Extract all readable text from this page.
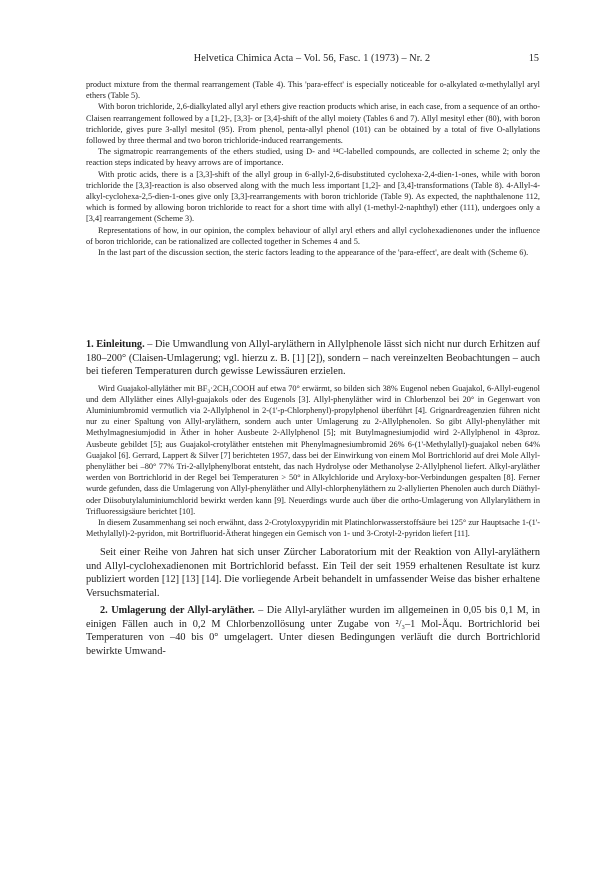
Helvetica Chimica Acta – Vol. 56, Fasc. 1 (1973) – Nr. 2	15

product mixture from the thermal rearrangement (Table 4). This 'para-effect' is especially noticeable for o-alkylated α-methylallyl aryl ethers (Table 5).

With boron trichloride, 2,6-dialkylated allyl aryl ethers give reaction products which arise, in each case, from a sequence of an ortho-Claisen rearrangement followed by a [1,2]-, [3,3]- or [3,4]-shift of the allyl moiety (Tables 6 and 7). Allyl mesityl ether (80), with boron trichloride, gives pure 3-allyl mesitol (95). From phenol, penta-allyl phenol (101) can be obtained by a total of five O-allylations followed by three thermal and two boron trichloride-induced rearrangements.

The sigmatropic rearrangements of the ethers studied, using D- and ¹⁴C-labelled compounds, are collected in scheme 2; only the reaction steps indicated by heavy arrows are of importance.

With protic acids, there is a [3,3]-shift of the allyl group in 6-allyl-2,6-disubstituted cyclohexa-2,4-dien-1-ones, while with boron trichloride the [3,3]-reaction is also observed along with the much less important [1,2]- and [3,4]-transformations (Table 8). 4-Allyl-4-alkyl-cyclohexa-2,5-dien-1-ones give only [3,3]-rearrangements with boron trichloride (Table 9). As expected, the naphthalenone 112, which is formed by allowing boron trichloride to react for a short time with allyl (1-methyl-2-naphthyl) ether (111), undergoes only a [3,4] rearrangement (Scheme 3).

Representations of how, in our opinion, the complex behaviour of allyl aryl ethers and allyl cyclohexadienones under the influence of boron trichloride, can be rationalized are collected together in Schemes 4 and 5.

In the last part of the discussion section, the steric factors leading to the appearance of the 'para-effect', are dealt with (Scheme 6).

1. Einleitung. – Die Umwandlung von Allyl-aryläthern in Allylphenole lässt sich nicht nur durch Erhitzen auf 180–200° (Claisen-Umlagerung; vgl. hierzu z. B. [1] [2]), sondern – nach vereinzelten Beobachtungen – auch bei tieferen Temperaturen durch gewisse Lewissäuren erzielen.

Wird Guajakol-allyläther mit BF₃·2CH₃COOH auf etwa 70° erwärmt, so bilden sich 38% Eugenol neben Guajakol, 6-Allyl-eugenol und dem Allyläther eines Allyl-guajakols oder des Eugenols [3]. Allyl-phenyläther wird in Chlorbenzol bei 20° in Gegenwart von Aluminiumbromid vermutlich via 2-Allylphenol in 2-(1'-p-Chlorphenyl)-propylphenol überführt [4]. Grignardreagenzien führen nicht nur zu einer Spaltung von Allyl-aryläthern, sondern auch unter Umlagerung zu 2-Allylphenolen. So gibt Allyl-phenyläther mit Methylmagnesiumjodid in Äther in hoher Ausbeute 2-Allylphenol [5]; mit Butylmagnesiumjodid wird 2-Allylphenol in 43proz. Ausbeute gebildet [5]; aus Guajakol-crotyläther entstehen mit Phenylmagnesiumbromid 26% 6-(1'-Methylallyl)-guajakol neben 64% Guajakol [6]. Gerrard, Lappert & Silver [7] berichteten 1957, dass bei der Einwirkung von einem Mol Bortrichlorid auf drei Mole Allyl-phenyläther bei –80° 77% Tri-2-allylphenylborat entsteht, das nach Hydrolyse oder Methanolyse 2-Allylphenol liefert. Alkyl-aryläther werden von Bortrichlorid in der Regel bei Temperaturen > 50° in Alkylchloride und Aryloxy-bor-Verbindungen gespalten [8]. Ferner wurde gefunden, dass die Umlagerung von Allyl-phenyläther und Allyl-chlorphenyläthern zu 2-allylierten Phenolen auch durch Diäthyl- oder Diisobutylaluminiumchlorid bewirkt werden kann [9]. Neuerdings wurde auch über die ortho-Umlagerung von Allylaryläthern in Trifluoressigsäure berichtet [10].

In diesem Zusammenhang sei noch erwähnt, dass 2-Crotyloxypyridin mit Platinchlorwasserstoffsäure bei 125° zur Hauptsache 1-(1'-Methylallyl)-2-pyridon, mit Bortrifluorid-Ätherat hingegen ein Gemisch von 1- und 3-Crotyl-2-pyridon liefert [11].

Seit einer Reihe von Jahren hat sich unser Zürcher Laboratorium mit der Reaktion von Allyl-aryläthern und Allyl-cyclohexadienonen mit Bortrichlorid befasst. Ein Teil der seit 1959 erhaltenen Resultate ist kurz publiziert worden [12] [13] [14]. Die vorliegende Arbeit behandelt in umfassender Weise das bisher erhaltene Versuchsmaterial.

2. Umlagerung der Allyl-aryläther. – Die Allyl-aryläther wurden im allgemeinen in 0,05 bis 0,1 M, in einigen Fällen auch in 0,2 M Chlorbenzollösung unter Zugabe von ²/₃–1 Mol-Äqu. Bortrichlorid bei Temperaturen von –40 bis 0° umgelagert. Unter diesen Bedingungen verläuft die durch Bortrichlorid bewirkte Umwand-
